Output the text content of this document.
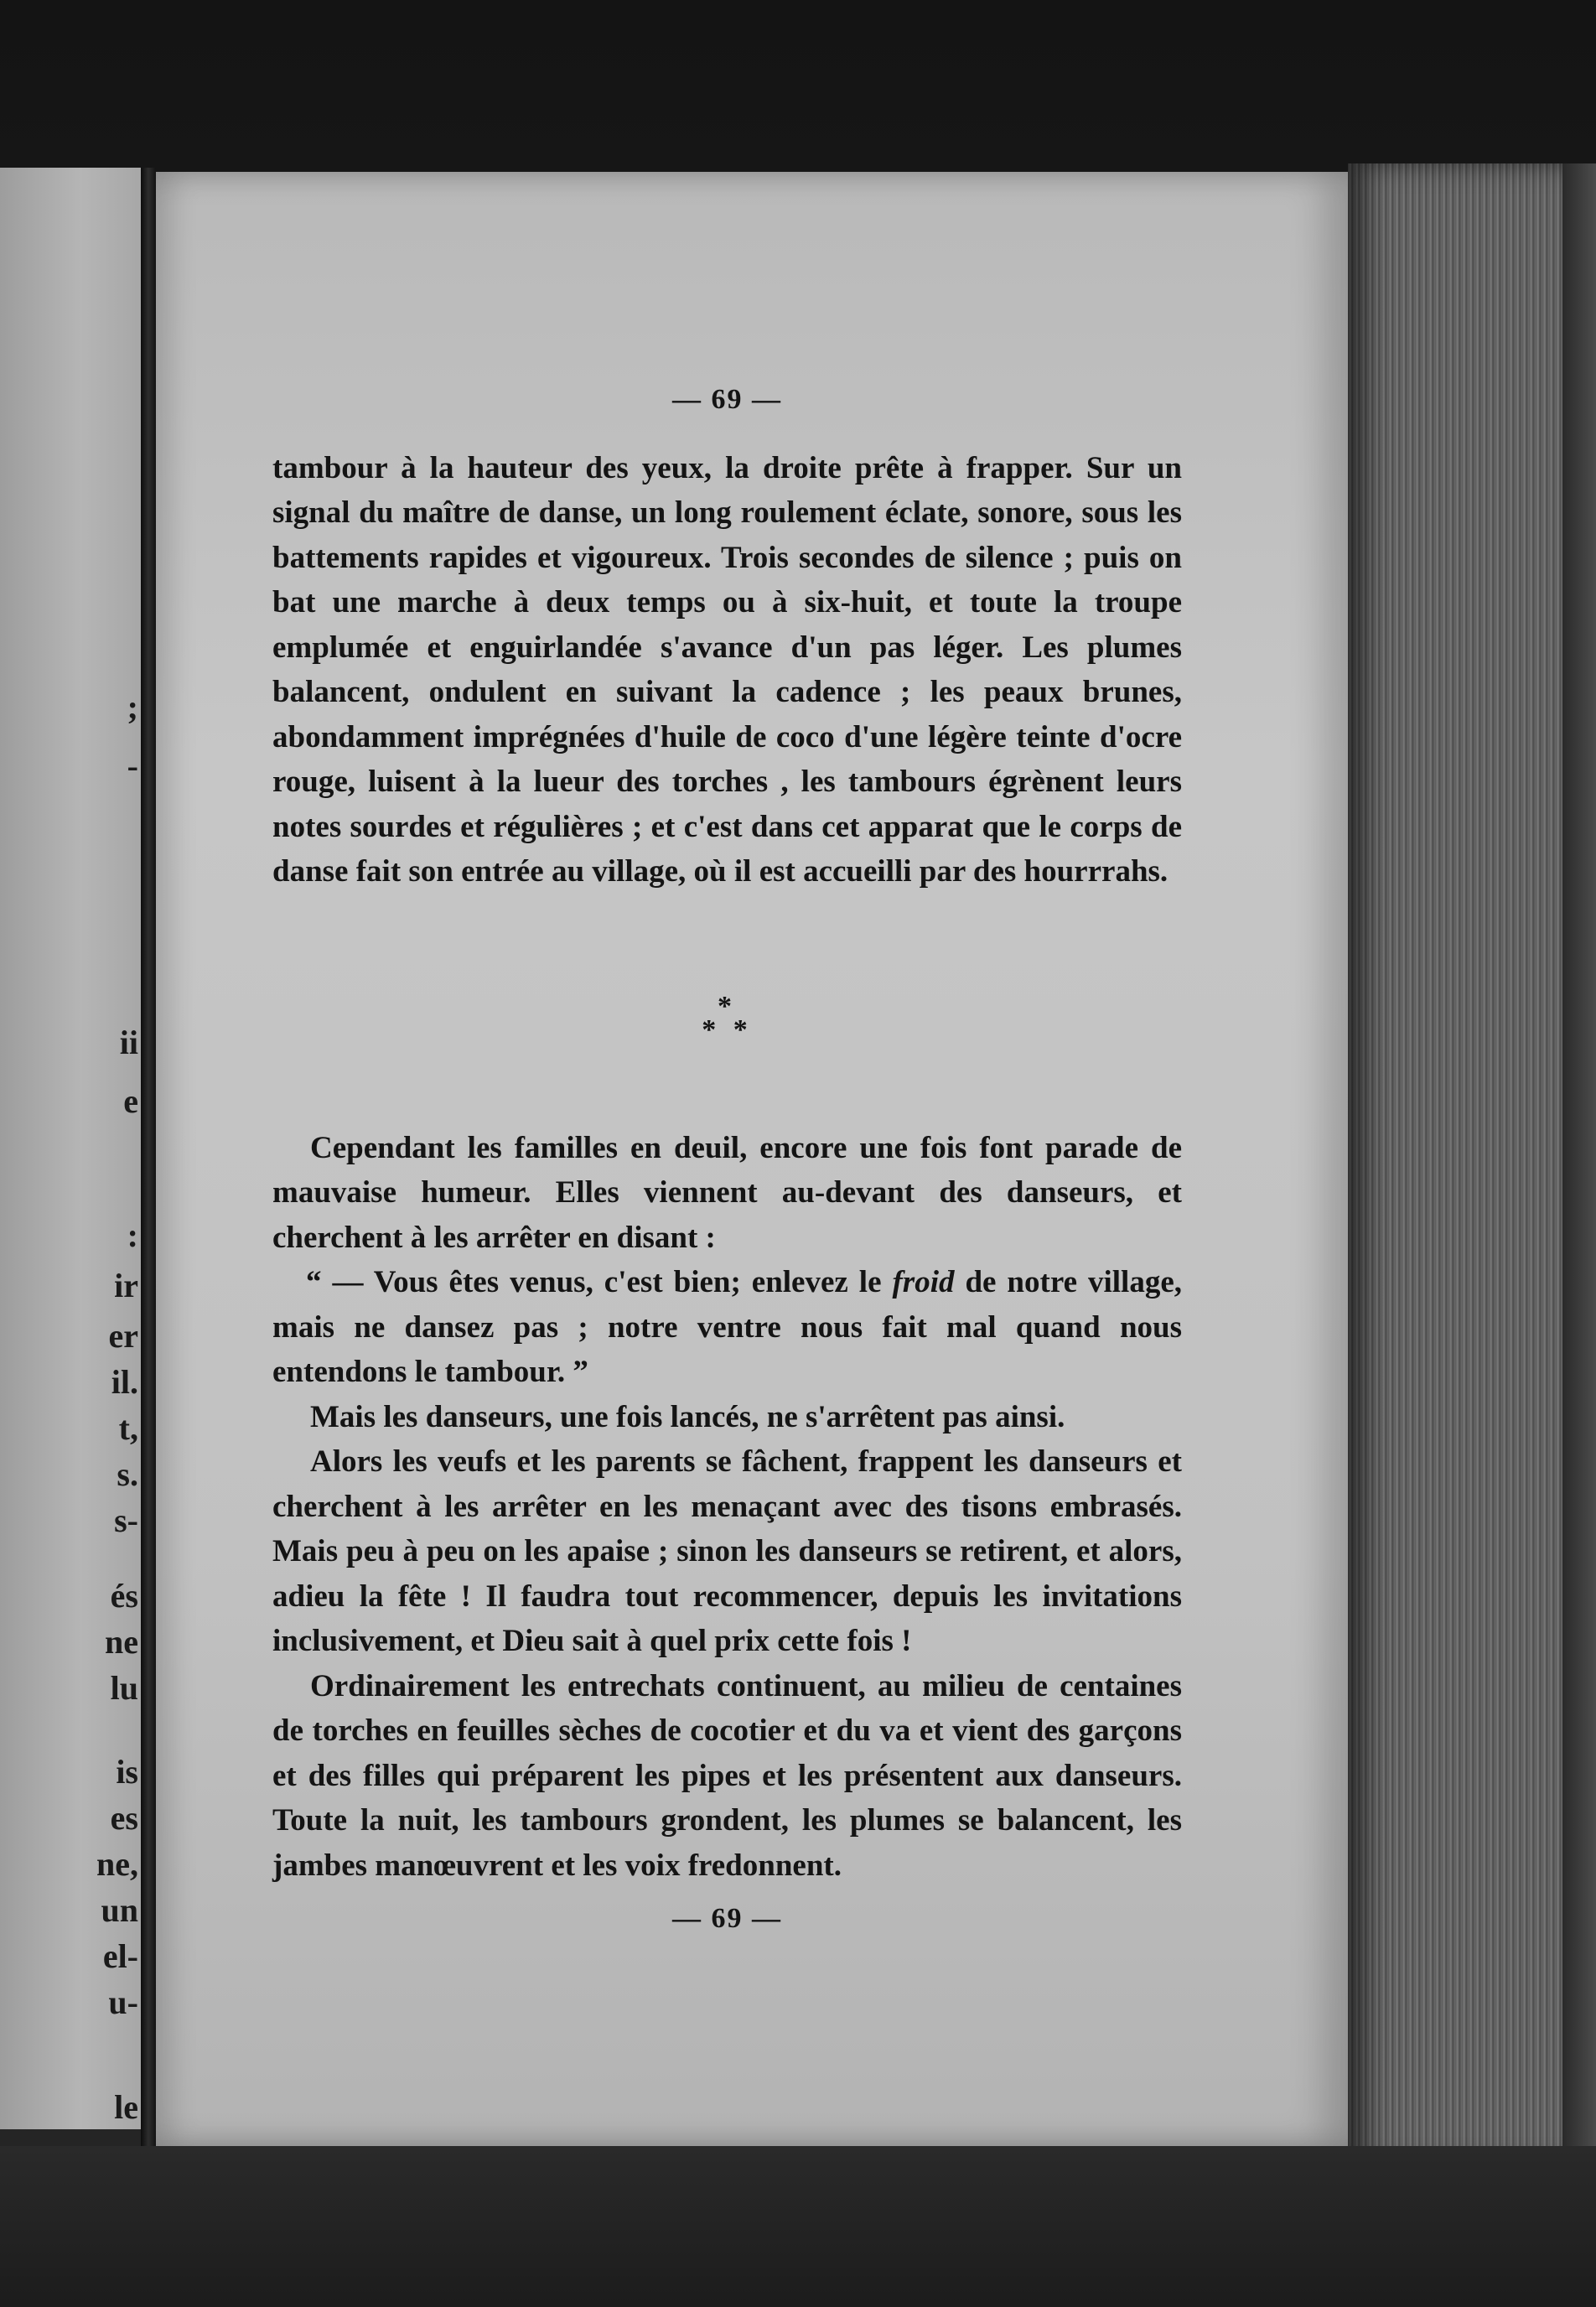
;
-
ii
e
:
ir
er
il.
t,
s.
s-
és
ne
lu
is
es
ne,
un
el-
u-
le
— 69 —

tambour à la hauteur des yeux, la droite prête à frapper. Sur un signal du maître de danse, un long roulement éclate, sonore, sous les battements rapides et vigoureux. Trois secondes de silence ; puis on bat une marche à deux temps ou à six-huit, et toute la troupe emplumée et enguirlandée s'avance d'un pas léger. Les plumes balancent, ondulent en suivant la cadence ; les peaux brunes, abondamment imprégnées d'huile de coco d'une légère teinte d'ocre rouge, luisent à la lueur des torches , les tambours égrènent leurs notes sourdes et régulières ; et c'est dans cet apparat que le corps de danse fait son entrée au village, où il est accueilli par des hourrrahs.

*
* *

Cependant les familles en deuil, encore une fois font parade de mauvaise humeur. Elles viennent au-devant des danseurs, et cherchent à les arrêter en disant :

“ — Vous êtes venus, c'est bien; enlevez le froid de notre village, mais ne dansez pas ; notre ventre nous fait mal quand nous entendons le tambour. ”

Mais les danseurs, une fois lancés, ne s'arrêtent pas ainsi.

Alors les veufs et les parents se fâchent, frappent les danseurs et cherchent à les arrêter en les menaçant avec des tisons embrasés. Mais peu à peu on les apaise ; sinon les danseurs se retirent, et alors, adieu la fête ! Il faudra tout recommencer, depuis les invitations inclusivement, et Dieu sait à quel prix cette fois !

Ordinairement les entrechats continuent, au milieu de centaines de torches en feuilles sèches de cocotier et du va et vient des garçons et des filles qui préparent les pipes et les présentent aux danseurs. Toute la nuit, les tambours grondent, les plumes se balancent, les jambes manœuvrent et les voix fredonnent.

— 69 —
